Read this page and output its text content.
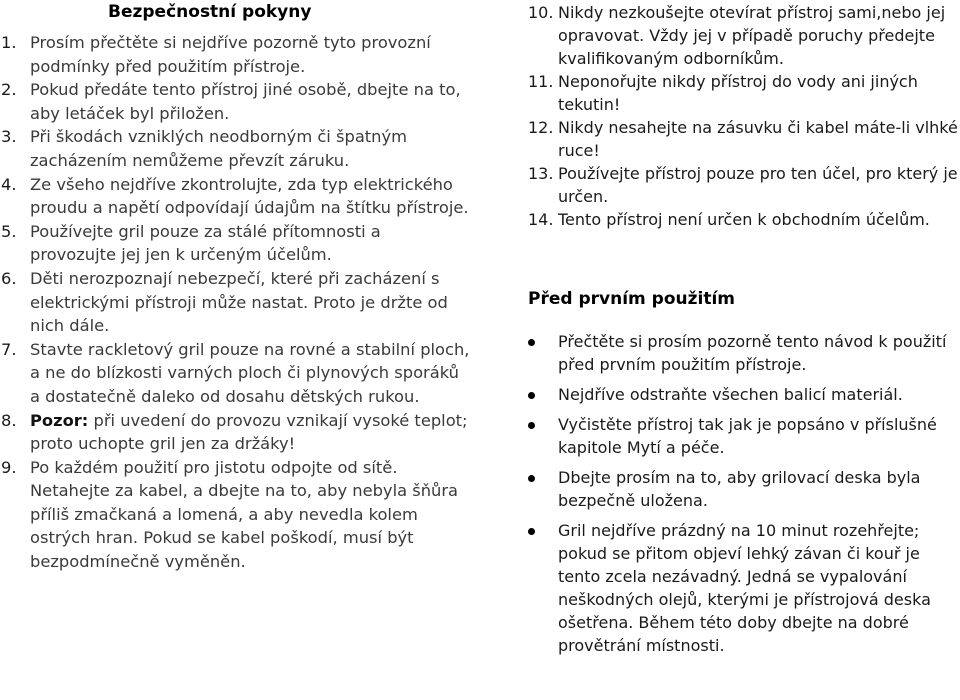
Bezpečnostní pokyny
1. Prosím přečtěte si nejdříve pozorně tyto provozní podmínky před použitím přístroje.
2. Pokud předáte tento přístroj jiné osobě, dbejte na to, aby letáček byl přiložen.
3. Při škodách vzniklých neodborným či špatným zacházením nemůžeme převzít záruku.
4. Ze všeho nejdříve zkontrolujte, zda typ elektrického proudu a napětí odpovídají údajům na štítku přístroje.
5. Používejte gril pouze za stálé přítomnosti a provozujte jej jen k určeným účelům.
6. Děti nerozpoznají nebezpečí, které při zacházení s elektrickými přístroji může nastat. Proto je držte od nich dále.
7. Stavte rackletový gril pouze na rovné a stabilní ploch, a ne do blízkosti varných ploch či plynových sporáků a dostatečně daleko od dosahu dětských rukou.
8. Pozor: při uvedení do provozu vznikají vysoké teplot; proto uchopte gril jen za držáky!
9. Po každém použití pro jistotu odpojte od sítě. Netahejte za kabel, a dbejte na to, aby nebyla šňůra příliš zmačkaná a lomená, a aby nevedla kolem ostrých hran. Pokud se kabel poškodí, musí být bezpodmínečně vyměněn.
10. Nikdy nezkoušejte otevírat přístroj sami,nebo jej opravovat. Vždy jej v případě poruchy předejte kvalifikovaným odborníkům.
11. Neponořujte nikdy přístroj do vody ani jiných tekutin!
12. Nikdy nesahejte na zásuvku či kabel máte-li vlhké ruce!
13. Používejte přístroj pouze pro ten účel, pro který je určen.
14. Tento přístroj není určen k obchodním účelům.
Před prvním použitím
Přečtěte si prosím pozorně tento návod k použití před prvním použitím přístroje.
Nejdříve odstraňte všechen balicí materiál.
Vyčistěte přístroj tak jak je popsáno v příslušné kapitole Mytí a péče.
Dbejte prosím na to, aby grilovací deska byla bezpečně uložena.
Gril nejdříve prázdný na 10 minut rozehřejte; pokud se přitom objeví lehký závan či kouř je tento zcela nezávadný. Jedná se vypalování neškodných olejů, kterými je přístrojová deska ošetřena. Během této doby dbejte na dobré provětrání místnosti.
